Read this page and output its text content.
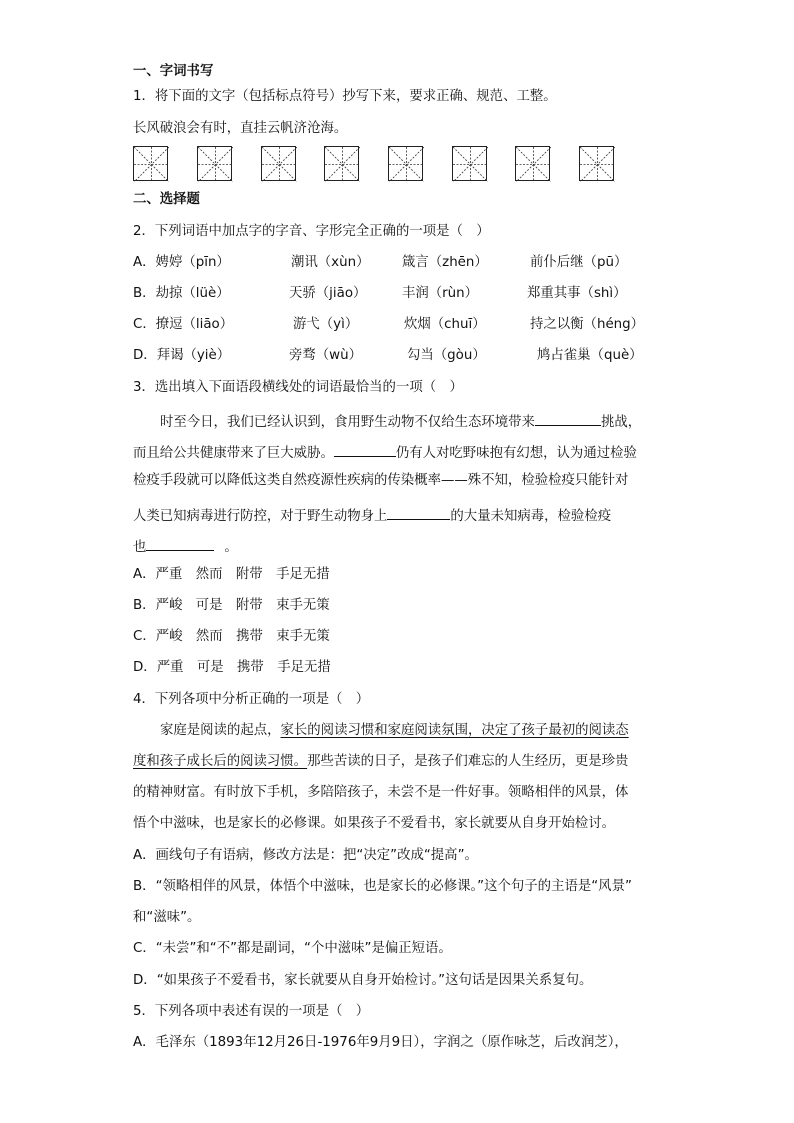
一、字词书写
1．将下面的文字（包括标点符号）抄写下来，要求正确、规范、工整。
长风破浪会有时，直挂云帆济沧海。
二、选择题
2．下列词语中加点字的字音、字形完全正确的一项是（　）
A．娉婷（pīn）	潮讯（xùn） 箴言（zhēn）	前仆后继（pū）
B．劫掠（lüè）	天骄（jiāo）	丰润（rùn）	郑重其事（shì）
C．撩逗（liāo）	游弋（yì）	炊烟（chuī）	持之以衡（héng）
D．拜谒（yiè）	旁骛（wù）	勾当（gòu）	鸠占雀巢（què）
3．选出填入下面语段横线处的词语最恰当的一项（　）
时至今日，我们已经认识到，食用野生动物不仅给生态环境带来	挑战，
而且给公共健康带来了巨大威胁。	仍有人对吃野味抱有幻想，认为通过检验
检疫手段就可以降低这类自然疫源性疾病的传染概率——殊不知，检验检疫只能针对
人类已知病毒进行防控，对于野生动物身上	的大量未知病毒，检验检疫
也	。
A．严重　然而　附带　手足无措
B．严峻　可是　附带　束手无策
C．严峻　然而　携带　束手无策
D．严重　可是　携带　手足无措
4．下列各项中分析正确的一项是（　）
家庭是阅读的起点，家长的阅读习惯和家庭阅读氛围，决定了孩子最初的阅读态
度和孩子成长后的阅读习惯。那些苦读的日子，是孩子们难忘的人生经历，更是珍贵
的精神财富。有时放下手机，多陪陪孩子，未尝不是一件好事。领略相伴的风景，体
悟个中滋味，也是家长的必修课。如果孩子不爱看书，家长就要从自身开始检讨。
A．画线句子有语病，修改方法是：把“决定”改成“提高”。
B．“领略相伴的风景，体悟个中滋味，也是家长的必修课。”这个句子的主语是“风景”
和“滋味”。
C．“未尝”和“不”都是副词，“个中滋味”是偏正短语。
D．“如果孩子不爱看书，家长就要从自身开始检讨。”这句话是因果关系复句。
5．下列各项中表述有误的一项是（　）
A．毛泽东（1893年12月26日-1976年9月9日），字润之（原作咏芝，后改润芝），
